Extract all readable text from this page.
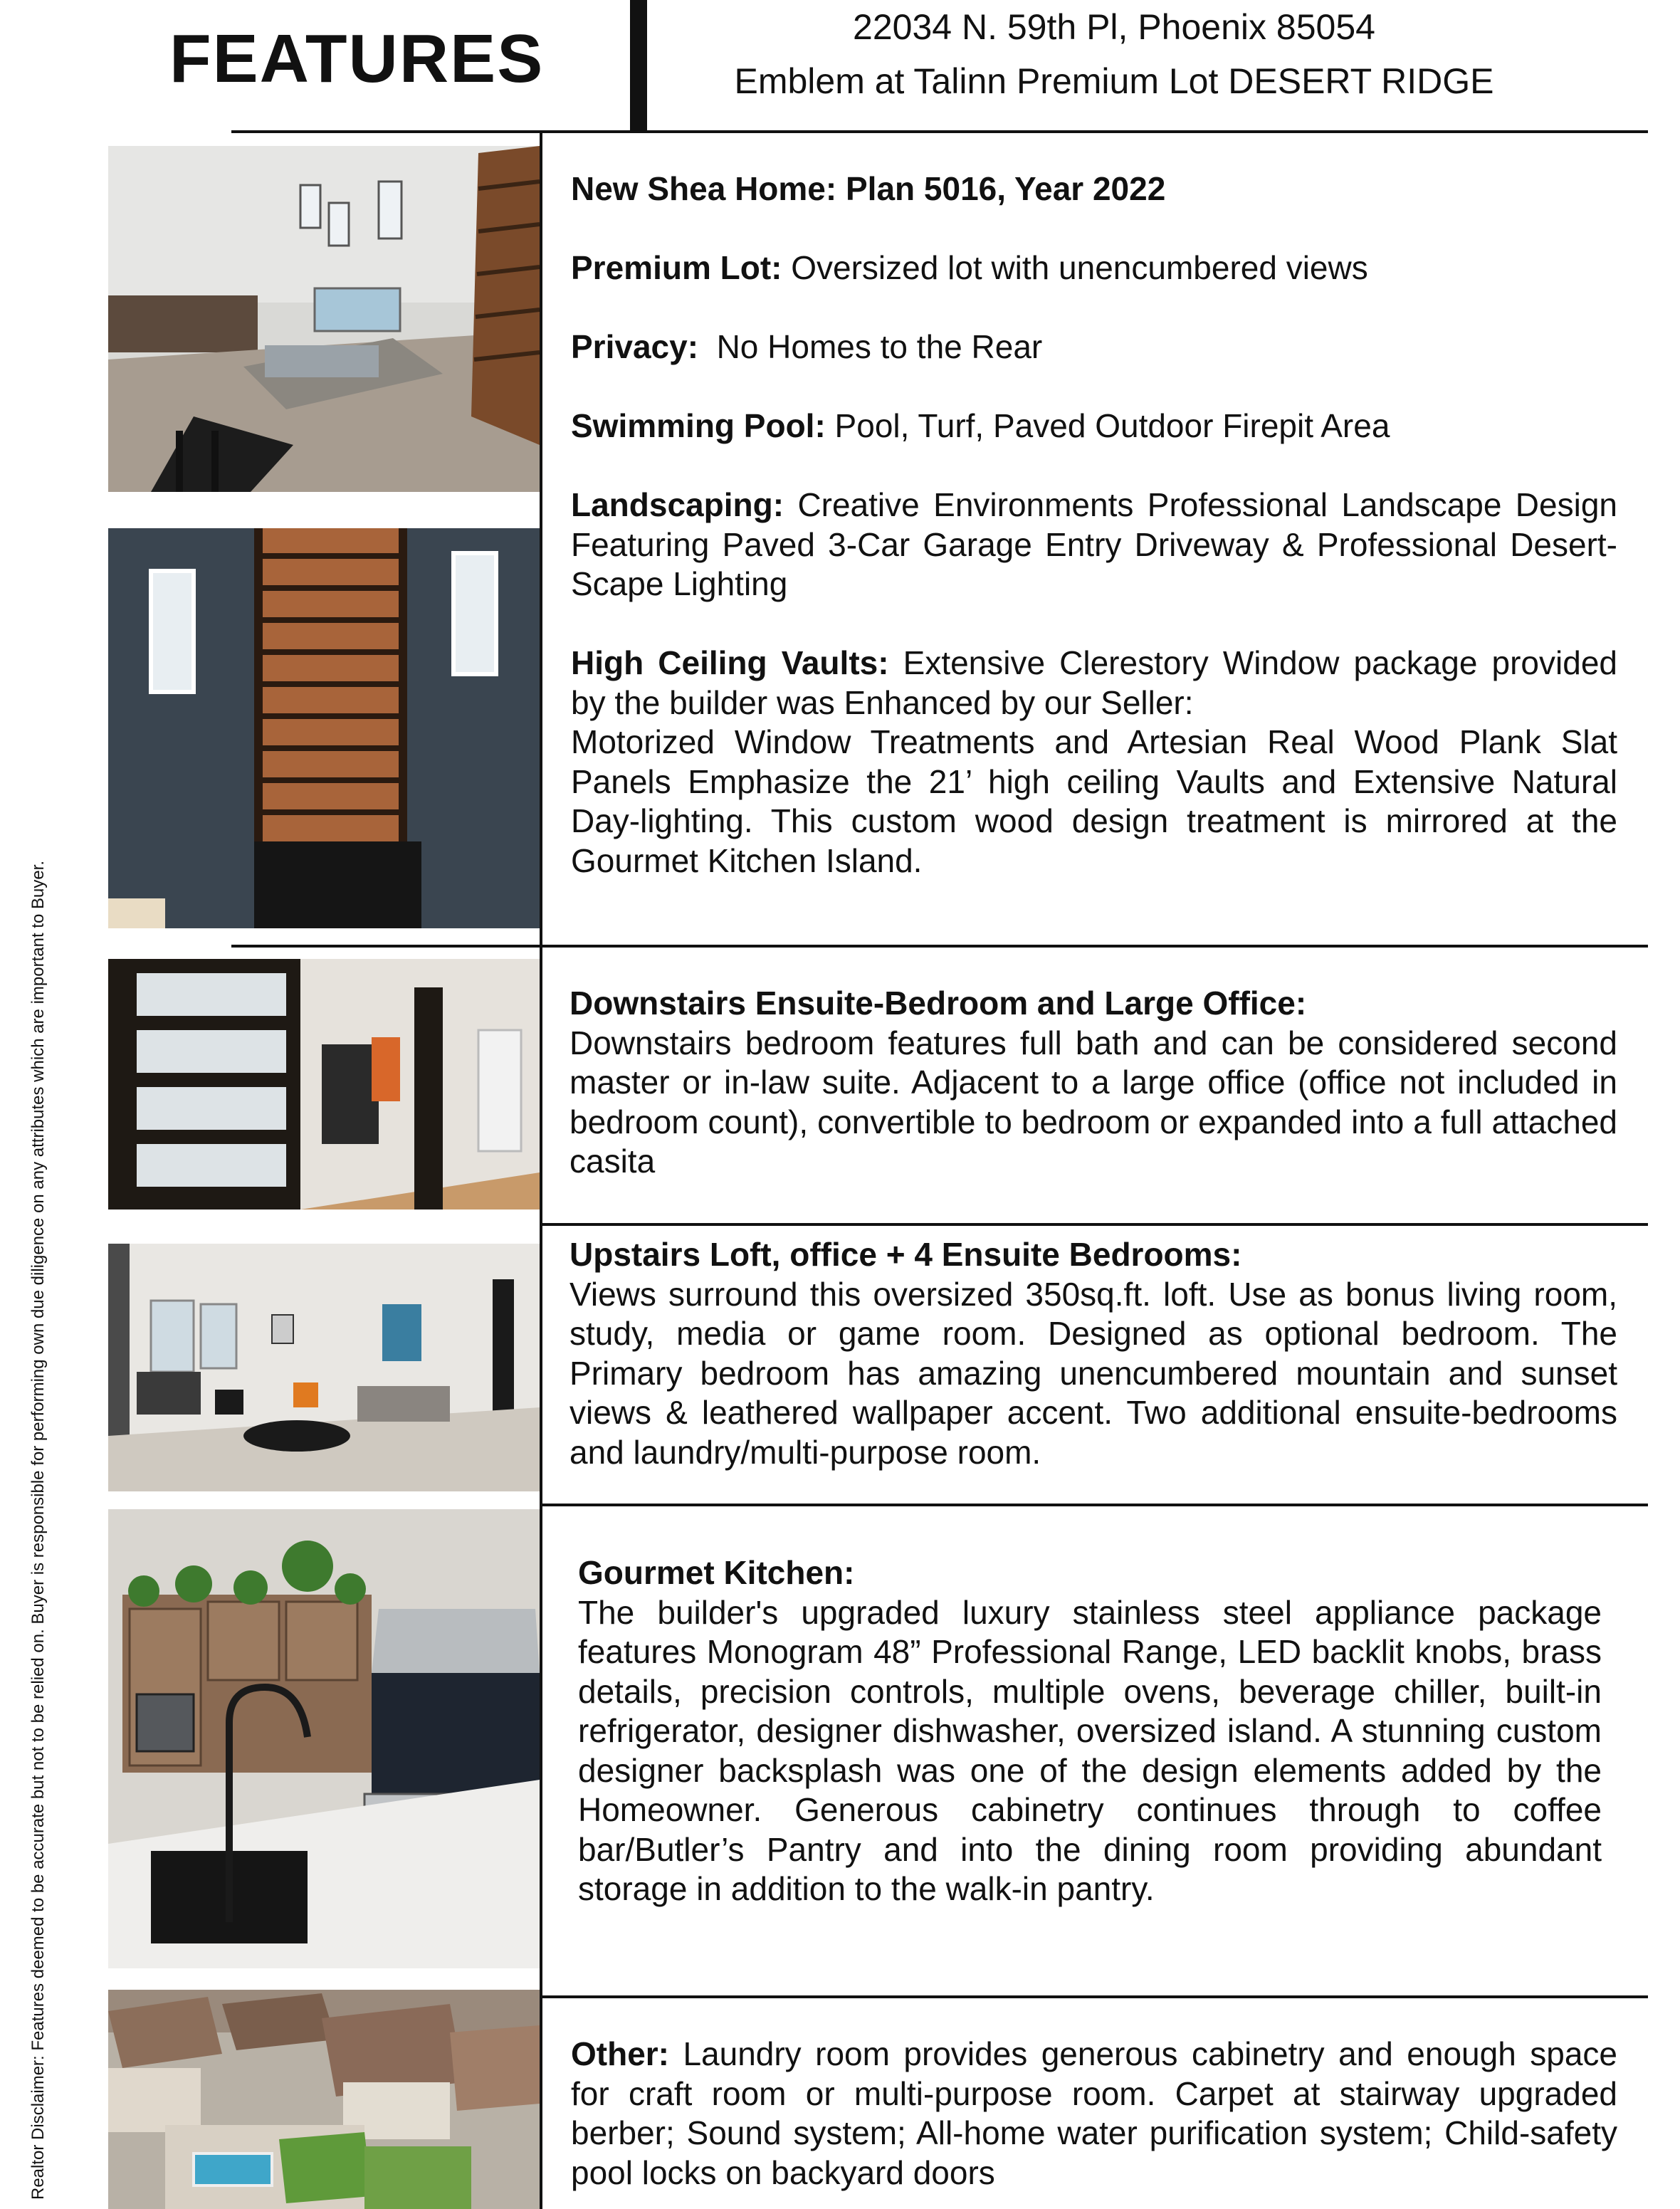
FEATURES	22034 N. 59th Pl, Phoenix 85054
Emblem at Talinn Premium Lot DESERT RIDGE
Realtor Disclaimer: Features deemed to be accurate but not to be relied on. Buyer is responsible for performing own due diligence on any attributes which are important to Buyer.

New Shea Home: Plan 5016, Year 2022

Premium Lot: Oversized lot with unencumbered views

Privacy:  No Homes to the Rear

Swimming Pool: Pool, Turf, Paved Outdoor Firepit Area

Landscaping: Creative Environments Professional Landscape Design Featuring Paved 3-Car Garage Entry Driveway & Professional Desert-Scape Lighting

High Ceiling Vaults: Extensive Clerestory Window package provided by the builder was Enhanced by our Seller:

Motorized Window Treatments and Artesian Real Wood Plank Slat Panels Emphasize the 21’ high ceiling Vaults and Extensive Natural Day-lighting. This custom wood design treatment is mirrored at the Gourmet Kitchen Island.

Downstairs Ensuite-Bedroom and Large Office:

Downstairs bedroom features full bath and can be considered second master or in-law suite. Adjacent to a large office (office not included in bedroom count), convertible to bedroom or expanded into a full attached casita

Upstairs Loft, office + 4 Ensuite Bedrooms:

Views surround this oversized 350sq.ft. loft. Use as bonus living room, study, media or game room. Designed as optional bedroom. The Primary bedroom has amazing unencumbered mountain and sunset views & leathered wallpaper accent. Two additional ensuite-bedrooms and laundry/multi-purpose room.

Gourmet Kitchen:

The builder's upgraded luxury stainless steel appliance package features Monogram 48” Professional Range, LED backlit knobs, brass details, precision controls, multiple ovens, beverage chiller, built-in refrigerator, designer dishwasher, oversized island. A stunning custom designer backsplash was one of the design elements added by the Homeowner. Generous cabinetry continues through to coffee bar/Butler’s Pantry and into the dining room providing abundant storage in addition to the walk-in pantry.

Other: Laundry room provides generous cabinetry and enough space for craft room or multi-purpose room. Carpet at stairway upgraded berber; Sound system; All-home water purification system; Child-safety pool locks on backyard doors
